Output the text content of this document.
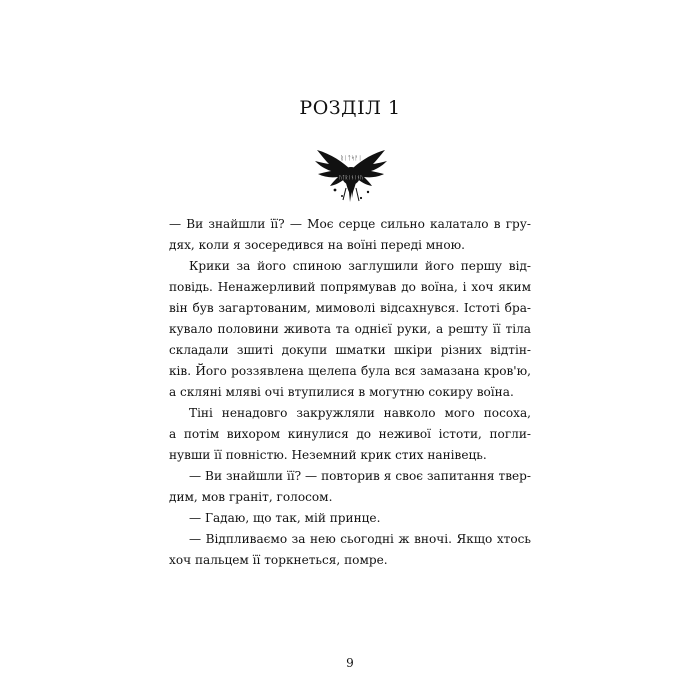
РОЗДІЛ 1
ᚱᛁᛏᛋᚨᛁ
ᚢᛏᚱᛁᚾᛁᚾᚢ

— Ви знайшли її? — Моє серце сильно калатало в гру-
дях, коли я зосередився на воїні переді мною.

Крики за його спиною заглушили його першу від-
повідь. Ненажерливий попрямував до воїна, і хоч яким
він був загартованим, мимоволі відсахнувся. Істоті бра-
кувало половини живота та однієї руки, а решту її тіла
складали зшиті докупи шматки шкіри різних відтін-
ків. Його роззявлена щелепа була вся замазана кров'ю,
а скляні мляві очі втупилися в могутню сокиру воїна.

Тіні ненадовго закружляли навколо мого посоха,
а потім вихором кинулися до неживої істоти, погли-
нувши її повністю. Неземний крик стих нанівець.

— Ви знайшли її? — повторив я своє запитання твер-
дим, мов граніт, голосом.

— Гадаю, що так, мій принце.

— Відпливаємо за нею сьогодні ж вночі. Якщо хтось
хоч пальцем її торкнеться, помре.

9
